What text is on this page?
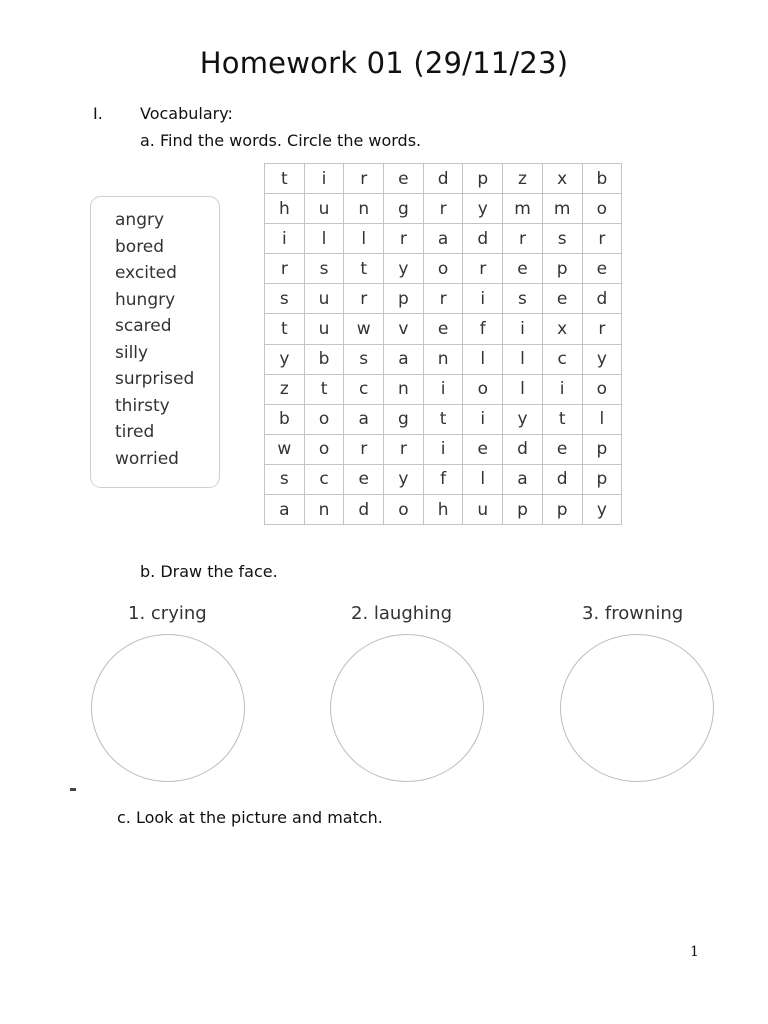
Homework 01 (29/11/23)
I. Vocabulary:
a. Find the words. Circle the words.
angry
bored
excited
hungry
scared
silly
surprised
thirsty
tired
worried
t	i	r	e	d	p	z	x	b
h	u	n	g	r	y	m	m	o
i	l	l	r	a	d	r	s	r
r	s	t	y	o	r	e	p	e
s	u	r	p	r	i	s	e	d
t	u	w	v	e	f	i	x	r
y	b	s	a	n	l	l	c	y
z	t	c	n	i	o	l	i	o
b	o	a	g	t	i	y	t	l
w	o	r	r	i	e	d	e	p
s	c	e	y	f	l	a	d	p
a	n	d	o	h	u	p	p	y
b. Draw the face.
1. crying	2. laughing	3. frowning
c. Look at the picture and match.
1
